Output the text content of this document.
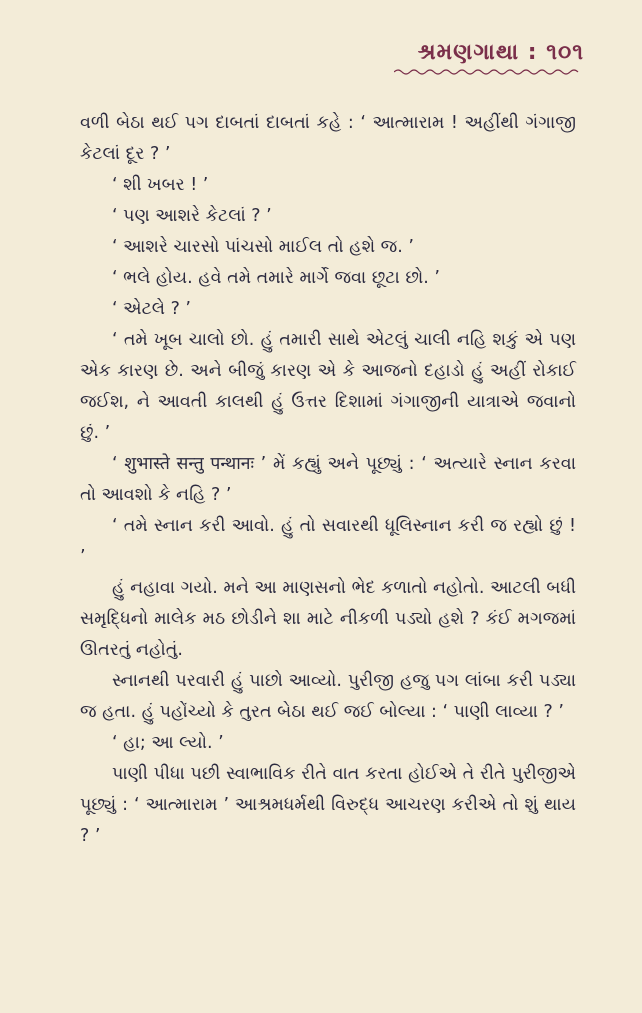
શ્રમણગાથા : ૧૦૧

વળી બેઠા થઈ પગ દાબતાં દાબતાં કહે : ‘ આત્મારામ ! અહીંથી ગંગાજી કેટલાં દૂર ? ’

‘ શી ખબર ! ’

‘ પણ આશરે કેટલાં ? ’

‘ આશરે ચારસો પાંચસો માઈલ તો હશે જ. ’

‘ ભલે હોય. હવે તમે તમારે માર્ગે જવા છૂટા છો. ’

‘ એટલે ? ’

‘ તમે ખૂબ ચાલો છો. હું તમારી સાથે એટલું ચાલી નહિ શકું એ પણ એક કારણ છે. અને બીજું કારણ એ કે આજનો દહાડો હું અહીં રોકાઈ જઈશ, ને આવતી કાલથી હું ઉત્તર દિશામાં ગંગાજીની યાત્રાએ જવાનો છું. ’

‘ शुभास्ते सन्तु पन्थानः ’ મેં કહ્યું અને પૂછ્યું : ‘ અત્યારે સ્નાન કરવા તો આવશો કે નહિ ? ’

‘ તમે સ્નાન કરી આવો. હું તો સવારથી ધૂલિસ્નાન કરી જ રહ્યો છું ! ’

હું નહાવા ગયો. મને આ માણસનો ભેદ કળાતો નહોતો. આટલી બધી સમૃદ્ધિનો માલેક મઠ છોડીને શા માટે નીકળી પડ્યો હશે ? કંઈ મગજમાં ઊતરતું નહોતું.

સ્નાનથી પરવારી હું પાછો આવ્યો. પુરીજી હજુ પગ લાંબા કરી પડ્યા જ હતા. હું પહોંચ્યો કે તુરત બેઠા થઈ જઈ બોલ્યા : ‘ પાણી લાવ્યા ? ’

‘ હા; આ લ્યો. ’

પાણી પીધા પછી સ્વાભાવિક રીતે વાત કરતા હોઈએ તે રીતે પુરીજીએ પૂછ્યું : ‘ આત્મારામ ’ આશ્રમધર્મથી વિરુદ્ધ આચરણ કરીએ તો શું થાય ? ’
